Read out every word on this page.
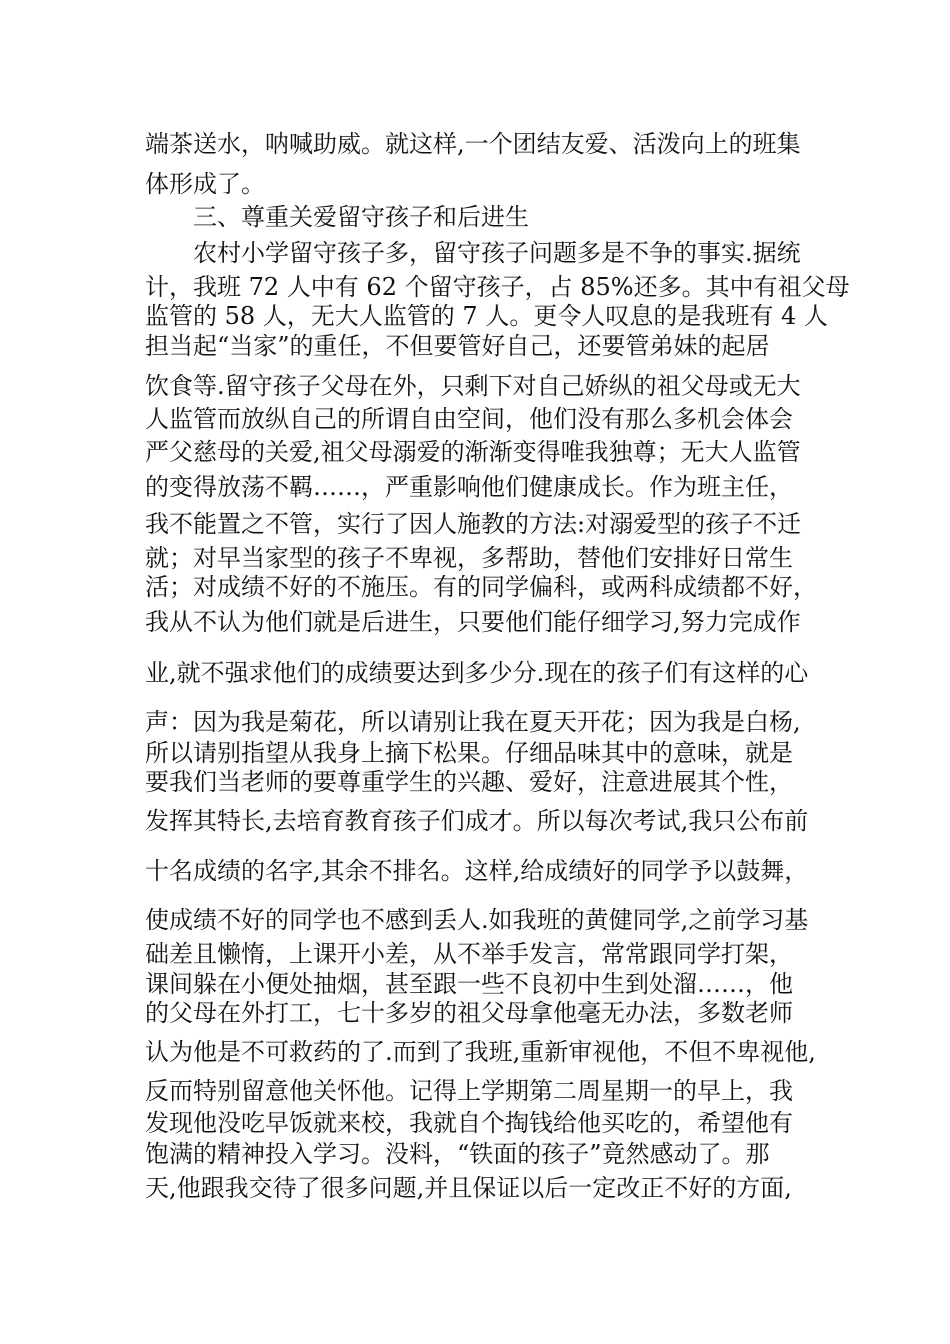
端茶送水，呐喊助威。就这样,一个团结友爱、活泼向上的班集
体形成了。
三、尊重关爱留守孩子和后进生
农村小学留守孩子多，留守孩子问题多是不争的事实.据统
计，我班 72 人中有 62 个留守孩子，占 85%还多。其中有祖父母
监管的 58 人，无大人监管的 7 人。更令人叹息的是我班有 4 人
担当起“当家”的重任，不但要管好自己，还要管弟妹的起居
饮食等.留守孩子父母在外，只剩下对自己娇纵的祖父母或无大
人监管而放纵自己的所谓自由空间，他们没有那么多机会体会
严父慈母的关爱,祖父母溺爱的渐渐变得唯我独尊；无大人监管
的变得放荡不羁……，严重影响他们健康成长。作为班主任，
我不能置之不管，实行了因人施教的方法:对溺爱型的孩子不迁
就；对早当家型的孩子不卑视，多帮助，替他们安排好日常生
活；对成绩不好的不施压。有的同学偏科，或两科成绩都不好，
我从不认为他们就是后进生，只要他们能仔细学习,努力完成作
业,就不强求他们的成绩要达到多少分.现在的孩子们有这样的心
声：因为我是菊花，所以请别让我在夏天开花；因为我是白杨,
所以请别指望从我身上摘下松果。仔细品味其中的意味，就是
要我们当老师的要尊重学生的兴趣、爱好，注意进展其个性，
发挥其特长,去培育教育孩子们成才。所以每次考试,我只公布前
十名成绩的名字,其余不排名。这样,给成绩好的同学予以鼓舞，
使成绩不好的同学也不感到丢人.如我班的黄健同学,之前学习基
础差且懒惰，上课开小差，从不举手发言，常常跟同学打架，
课间躲在小便处抽烟，甚至跟一些不良初中生到处溜……，他
的父母在外打工，七十多岁的祖父母拿他毫无办法，多数老师
认为他是不可救药的了.而到了我班,重新审视他，不但不卑视他,
反而特别留意他关怀他。记得上学期第二周星期一的早上，我
发现他没吃早饭就来校，我就自个掏钱给他买吃的，希望他有
饱满的精神投入学习。没料，“铁面的孩子”竟然感动了。那
天,他跟我交待了很多问题,并且保证以后一定改正不好的方面,
